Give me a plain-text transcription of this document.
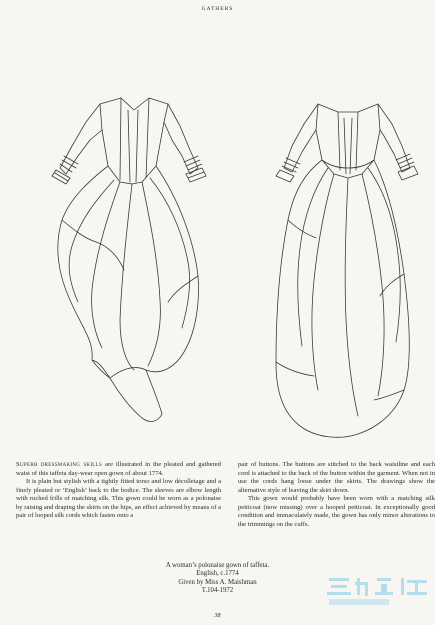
GATHERS

Superb dressmaking skills are illustrated in the pleated and gathered waist of this taffeta day-wear open gown of about 1774.

It is plain but stylish with a tightly fitted torso and low décolletage and a finely pleated or ‘English’ back to the bodice. The sleeves are elbow length with ruched frills of matching silk. This gown could be worn as a polonaise by raising and draping the skirts on the hips, an effect achieved by means of a pair of looped silk cords which fasten onto a

pair of buttons. The buttons are stitched to the back waistline and each cord is attached to the back of the button within the garment. When not in use the cords hang loose under the skirts. The drawings show the alternative style of leaving the skirt down.

This gown would probably have been worn with a matching silk petticoat (now missing) over a hooped petticoat. In exceptionally good condition and immaculately made, the gown has only minor alterations to the trimmings on the cuffs.

A woman’s polonaise gown of taffeta.
English, c.1774
Given by Miss A. Maishman
T.104-1972
38
